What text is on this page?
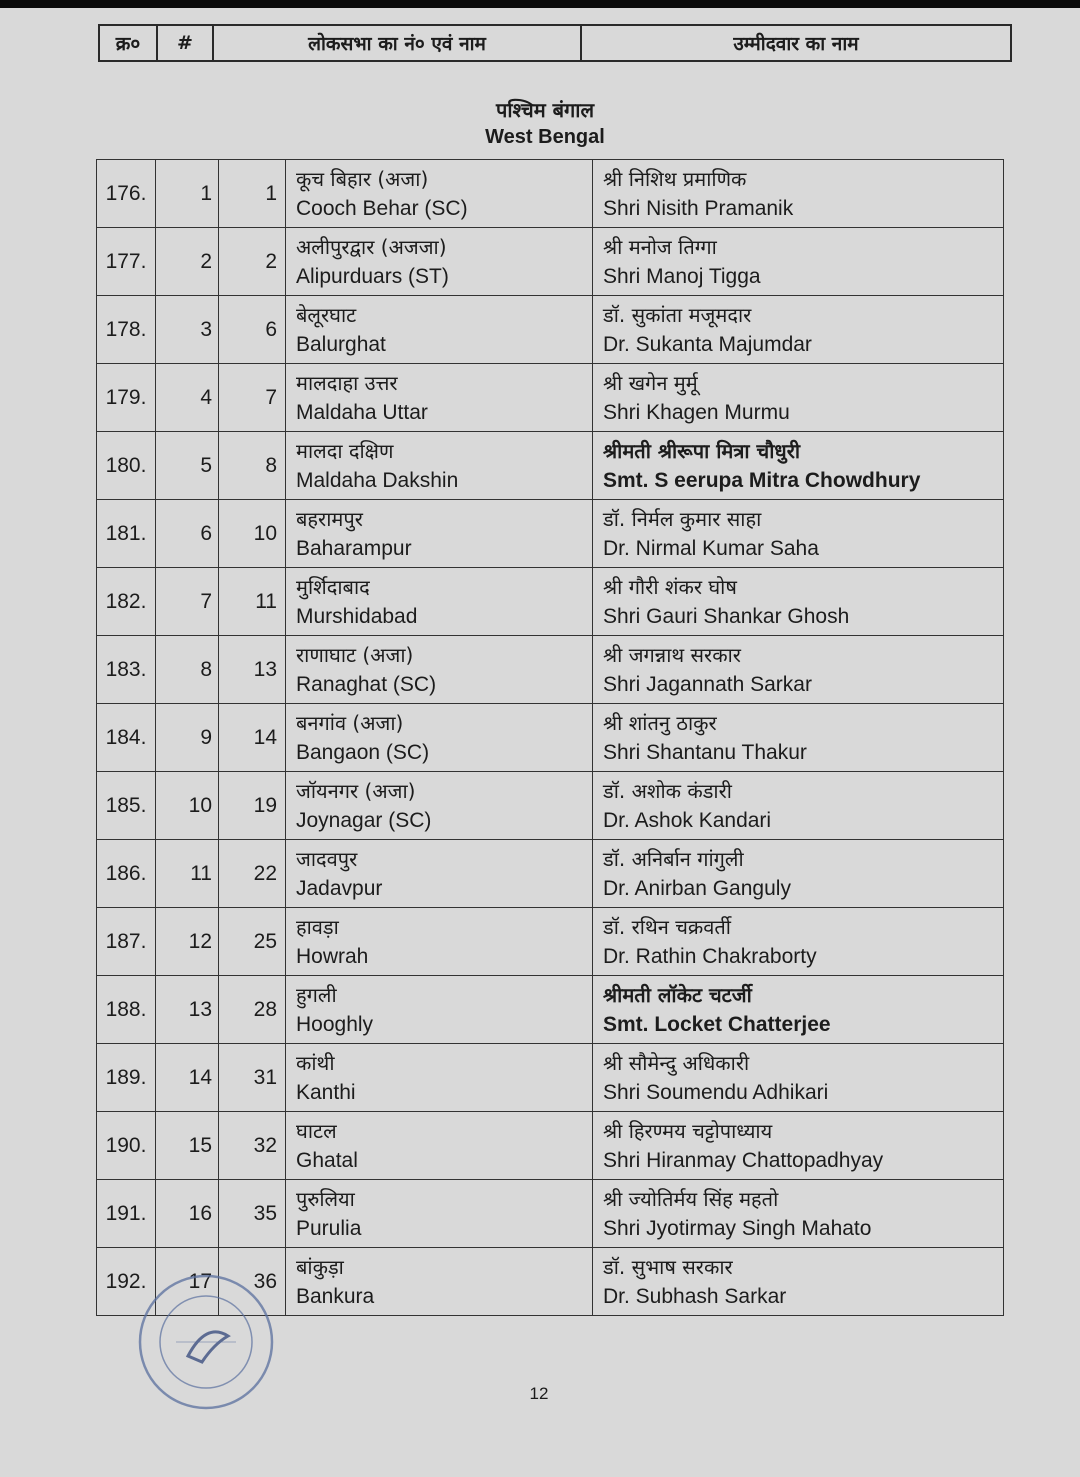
क्र०	#	लोकसभा का नं० एवं नाम	उम्मीदवार का नाम
पश्चिम बंगाल
West Bengal
176.	1	1	कूच बिहार (अजा)
Cooch Behar (SC)	श्री निशिथ प्रमाणिक
Shri Nisith Pramanik

177.	2	2	अलीपुरद्वार (अजजा)
Alipurduars (ST)	श्री मनोज तिग्गा
Shri Manoj Tigga

178.	3	6	बेलूरघाट
Balurghat	डॉ. सुकांता मजूमदार
Dr. Sukanta Majumdar

179.	4	7	मालदाहा उत्तर
Maldaha Uttar	श्री खगेन मुर्मू
Shri Khagen Murmu

180.	5	8	मालदा दक्षिण
Maldaha Dakshin	श्रीमती श्रीरूपा मित्रा चौधुरी
Smt. S eerupa Mitra Chowdhury

181.	6	10	बहरामपुर
Baharampur	डॉ. निर्मल कुमार साहा
Dr. Nirmal Kumar Saha

182.	7	11	मुर्शिदाबाद
Murshidabad	श्री गौरी शंकर घोष
Shri Gauri Shankar Ghosh

183.	8	13	राणाघाट (अजा)
Ranaghat (SC)	श्री जगन्नाथ सरकार
Shri Jagannath Sarkar

184.	9	14	बनगांव (अजा)
Bangaon (SC)	श्री शांतनु ठाकुर
Shri Shantanu Thakur

185.	10	19	जॉयनगर (अजा)
Joynagar (SC)	डॉ. अशोक कंडारी
Dr. Ashok Kandari

186.	11	22	जादवपुर
Jadavpur	डॉ. अनिर्बान गांगुली
Dr. Anirban Ganguly

187.	12	25	हावड़ा
Howrah	डॉ. रथिन चक्रवर्ती
Dr. Rathin Chakraborty

188.	13	28	हुगली
Hooghly	श्रीमती लॉकेट चटर्जी
Smt. Locket Chatterjee

189.	14	31	कांथी
Kanthi	श्री सौमेन्दु अधिकारी
Shri Soumendu Adhikari

190.	15	32	घाटल
Ghatal	श्री हिरण्मय चट्टोपाध्याय
Shri Hiranmay Chattopadhyay

191.	16	35	पुरुलिया
Purulia	श्री ज्योतिर्मय सिंह महतो
Shri Jyotirmay Singh Mahato

192.	17	36	बांकुड़ा
Bankura	डॉ. सुभाष सरकार
Dr. Subhash Sarkar
12
